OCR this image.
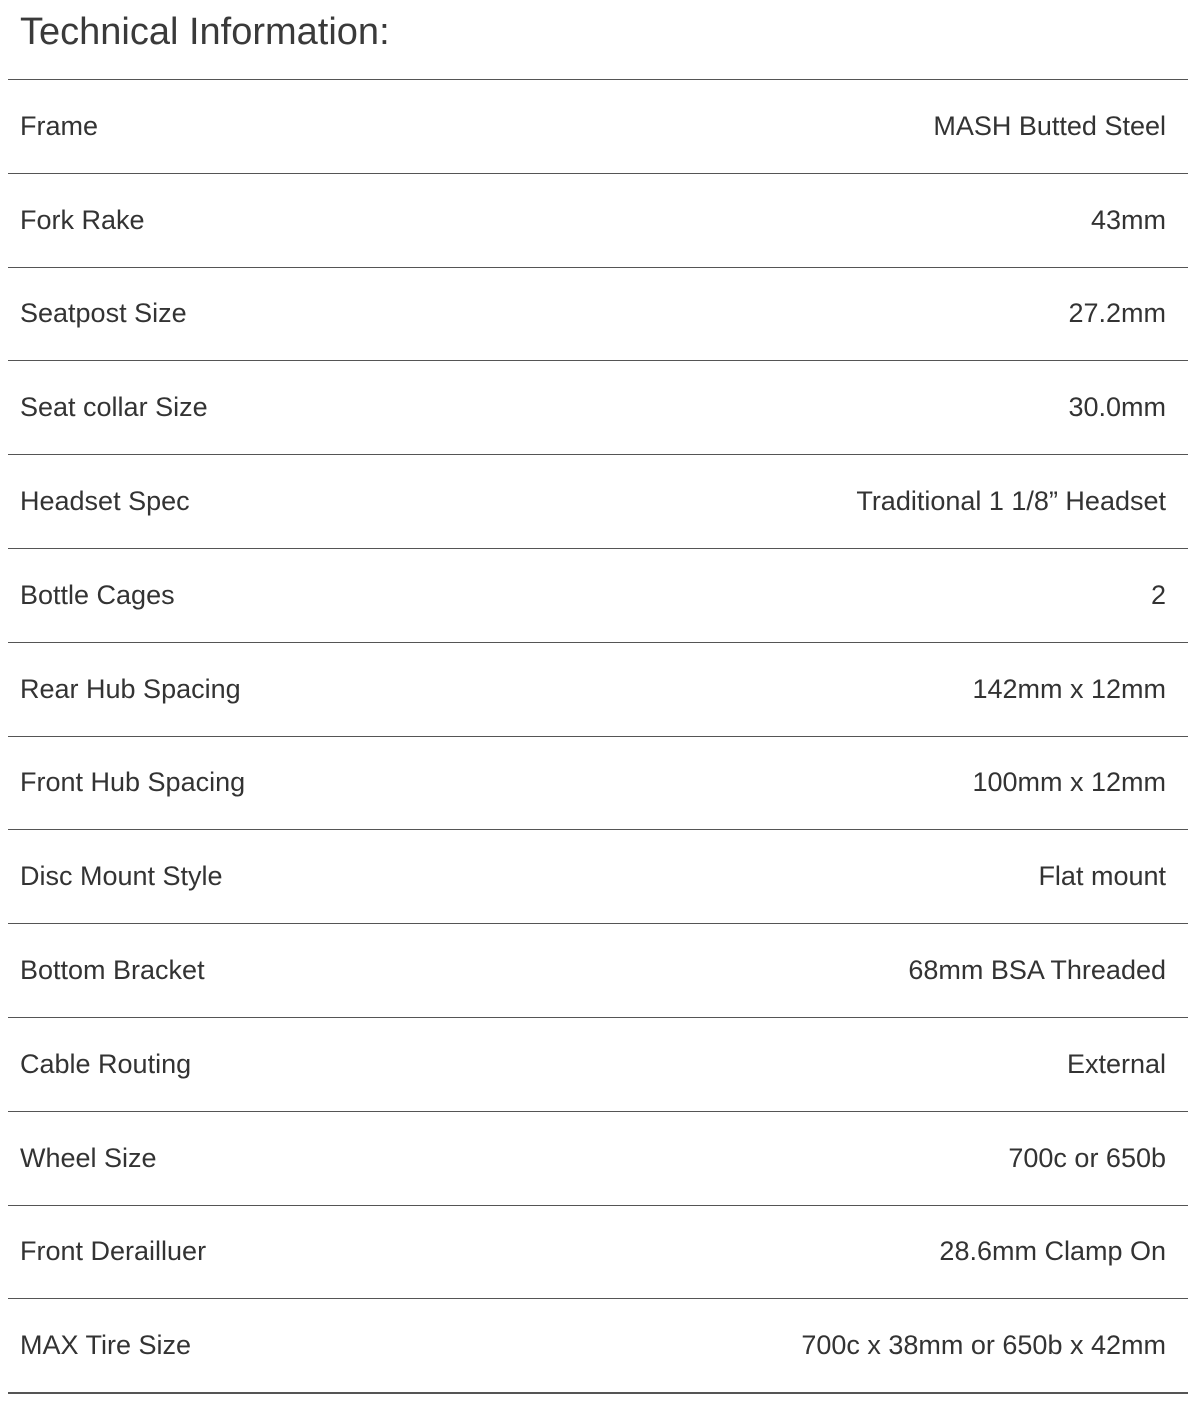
Technical Information:
Frame	MASH Butted Steel
Fork Rake	43mm
Seatpost Size	27.2mm
Seat collar Size	30.0mm
Headset Spec	Traditional 1 1/8” Headset
Bottle Cages	2
Rear Hub Spacing	142mm x 12mm
Front Hub Spacing	100mm x 12mm
Disc Mount Style	Flat mount
Bottom Bracket	68mm BSA Threaded
Cable Routing	External
Wheel Size	700c or 650b
Front Derailluer	28.6mm Clamp On
MAX Tire Size	700c x 38mm or 650b x 42mm
